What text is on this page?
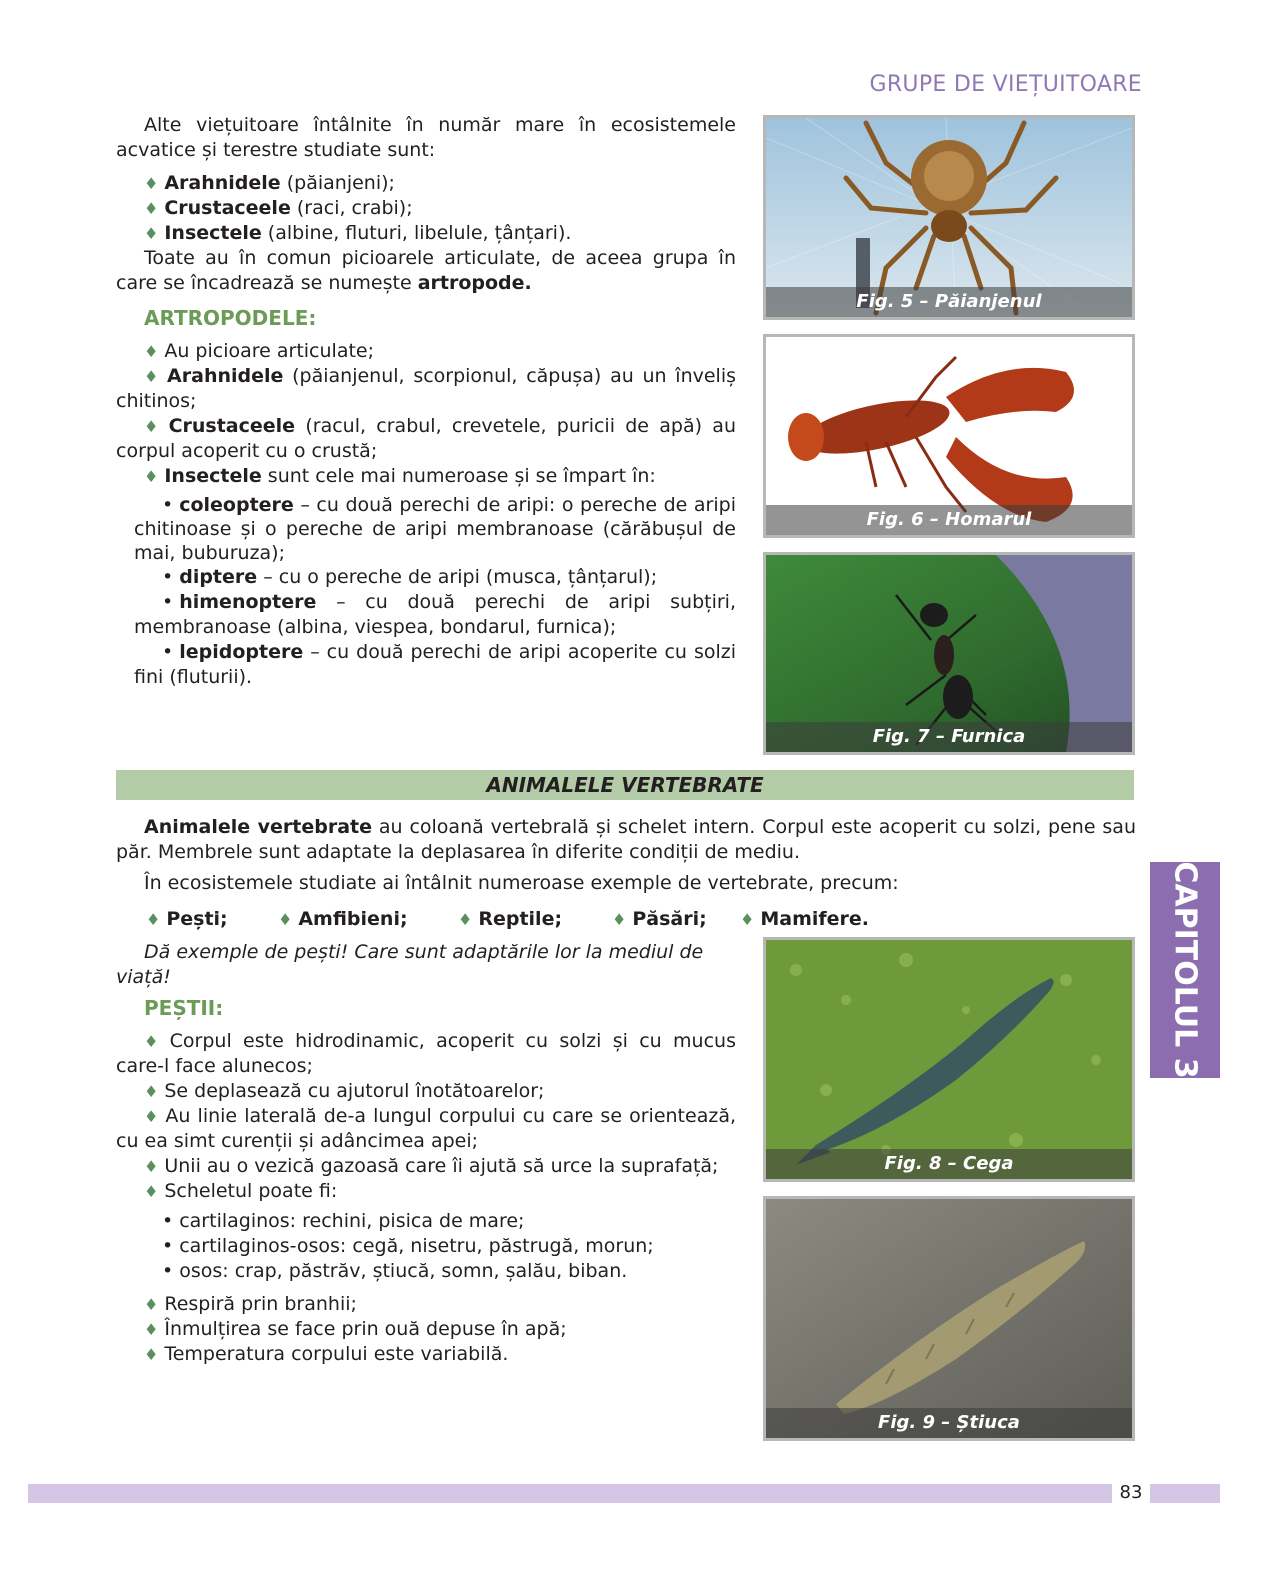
GRUPE DE VIEȚUITOARE

Alte viețuitoare întâlnite în număr mare în ecosistemele acvatice și terestre studiate sunt:

♦ Arahnidele (păianjeni);

♦ Crustaceele (raci, crabi);

♦ Insectele (albine, fluturi, libelule, țânțari).

Toate au în comun picioarele articulate, de aceea grupa în care se încadrează se numește artropode.

ARTROPODELE:

♦ Au picioare articulate;

♦ Arahnidele (păianjenul, scorpionul, căpușa) au un înveliș chitinos;

♦ Crustaceele (racul, crabul, crevetele, puricii de apă) au corpul acoperit cu o crustă;

♦ Insectele sunt cele mai numeroase și se împart în:

• coleoptere – cu două perechi de aripi: o pereche de aripi chitinoase și o pereche de aripi membranoase (cărăbușul de mai, buburuza);

• diptere – cu o pereche de aripi (musca, țânțarul);

• himenoptere – cu două perechi de aripi subțiri, membranoase (albina, viespea, bondarul, furnica);

• lepidoptere – cu două perechi de aripi acoperite cu solzi fini (fluturii).

Fig. 5 – Păianjenul
Fig. 6 – Homarul
Fig. 7 – Furnica
ANIMALELE VERTEBRATE

Animalele vertebrate au coloană vertebrală și schelet intern. Corpul este acoperit cu solzi, pene sau păr. Membrele sunt adaptate la deplasarea în diferite condiții de mediu.

În ecosistemele studiate ai întâlnit numeroase exemple de vertebrate, precum:

♦ Pești;	♦ Amfibieni;	♦ Reptile;	♦ Păsări; ♦ Mamifere.

Dă exemple de pești! Care sunt adaptările lor la mediul de viață!

PEȘTII:

♦ Corpul este hidrodinamic, acoperit cu solzi și cu mucus care-l face alunecos;

♦ Se deplasează cu ajutorul înotătoarelor;

♦ Au linie laterală de-a lungul corpului cu care se orientează, cu ea simt curenții și adâncimea apei;

♦ Unii au o vezică gazoasă care îi ajută să urce la suprafață;

♦ Scheletul poate fi:

• cartilaginos: rechini, pisica de mare;

• cartilaginos-osos: cegă, nisetru, păstrugă, morun;

• osos: crap, păstrăv, știucă, somn, șalău, biban.

♦ Respiră prin branhii;

♦ Înmulțirea se face prin ouă depuse în apă;

♦ Temperatura corpului este variabilă.

Fig. 8 – Cega
Fig. 9 – Știuca
CAPITOLUL 3
83
